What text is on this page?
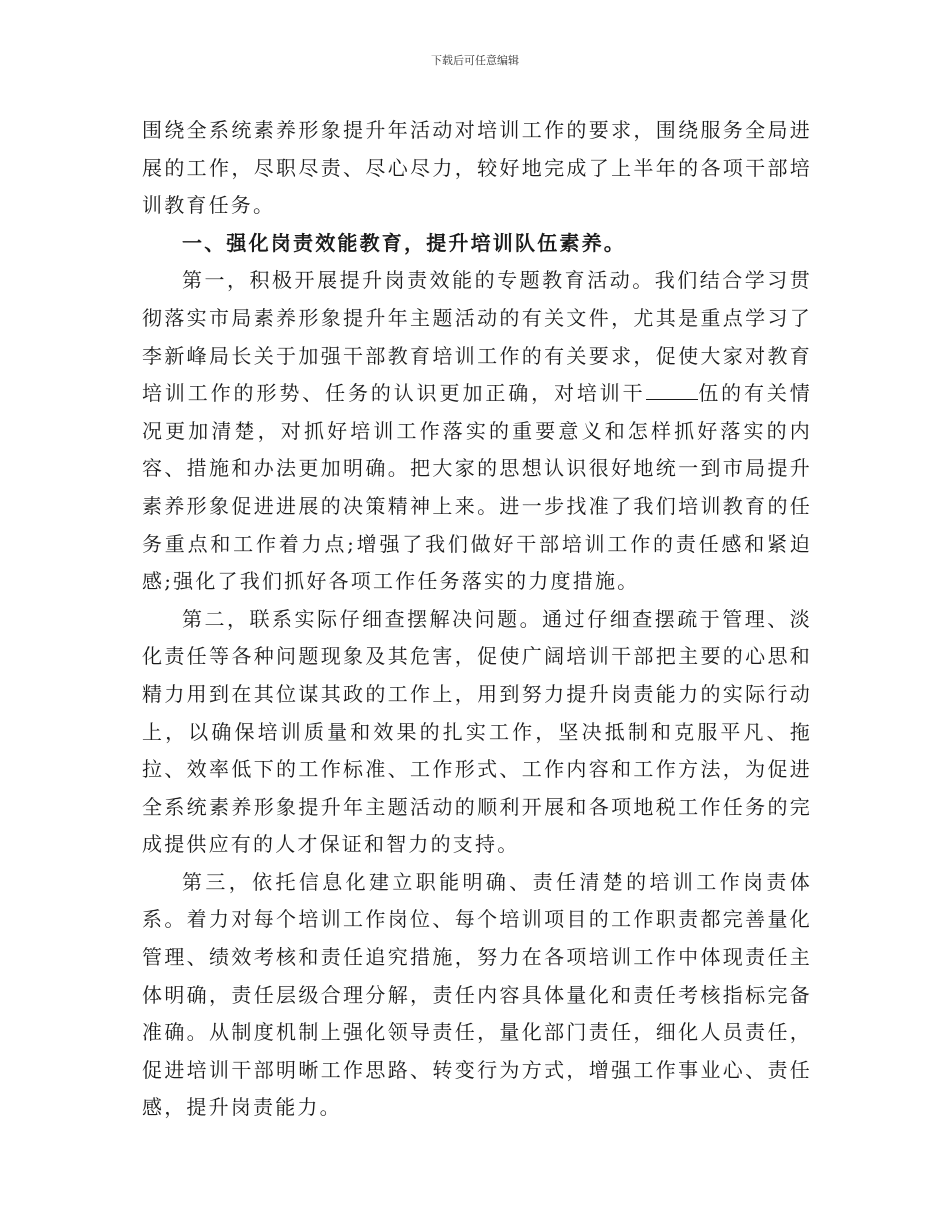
下载后可任意编辑

围绕全系统素养形象提升年活动对培训工作的要求，围绕服务全局进展的工作，尽职尽责、尽心尽力，较好地完成了上半年的各项干部培训教育任务。

一、强化岗责效能教育，提升培训队伍素养。

第一，积极开展提升岗责效能的专题教育活动。我们结合学习贯彻落实市局素养形象提升年主题活动的有关文件，尤其是重点学习了李新峰局长关于加强干部教育培训工作的有关要求，促使大家对教育培训工作的形势、任务的认识更加正确，对培训干	伍的有关情况更加清楚，对抓好培训工作落实的重要意义和怎样抓好落实的内容、措施和办法更加明确。把大家的思想认识很好地统一到市局提升素养形象促进进展的决策精神上来。进一步找准了我们培训教育的任务重点和工作着力点;增强了我们做好干部培训工作的责任感和紧迫感;强化了我们抓好各项工作任务落实的力度措施。

第二，联系实际仔细查摆解决问题。通过仔细查摆疏于管理、淡化责任等各种问题现象及其危害，促使广阔培训干部把主要的心思和精力用到在其位谋其政的工作上，用到努力提升岗责能力的实际行动上，以确保培训质量和效果的扎实工作，坚决抵制和克服平凡、拖拉、效率低下的工作标准、工作形式、工作内容和工作方法，为促进全系统素养形象提升年主题活动的顺利开展和各项地税工作任务的完成提供应有的人才保证和智力的支持。

第三，依托信息化建立职能明确、责任清楚的培训工作岗责体系。着力对每个培训工作岗位、每个培训项目的工作职责都完善量化管理、绩效考核和责任追究措施，努力在各项培训工作中体现责任主体明确，责任层级合理分解，责任内容具体量化和责任考核指标完备准确。从制度机制上强化领导责任，量化部门责任，细化人员责任，促进培训干部明晰工作思路、转变行为方式，增强工作事业心、责任感，提升岗责能力。
